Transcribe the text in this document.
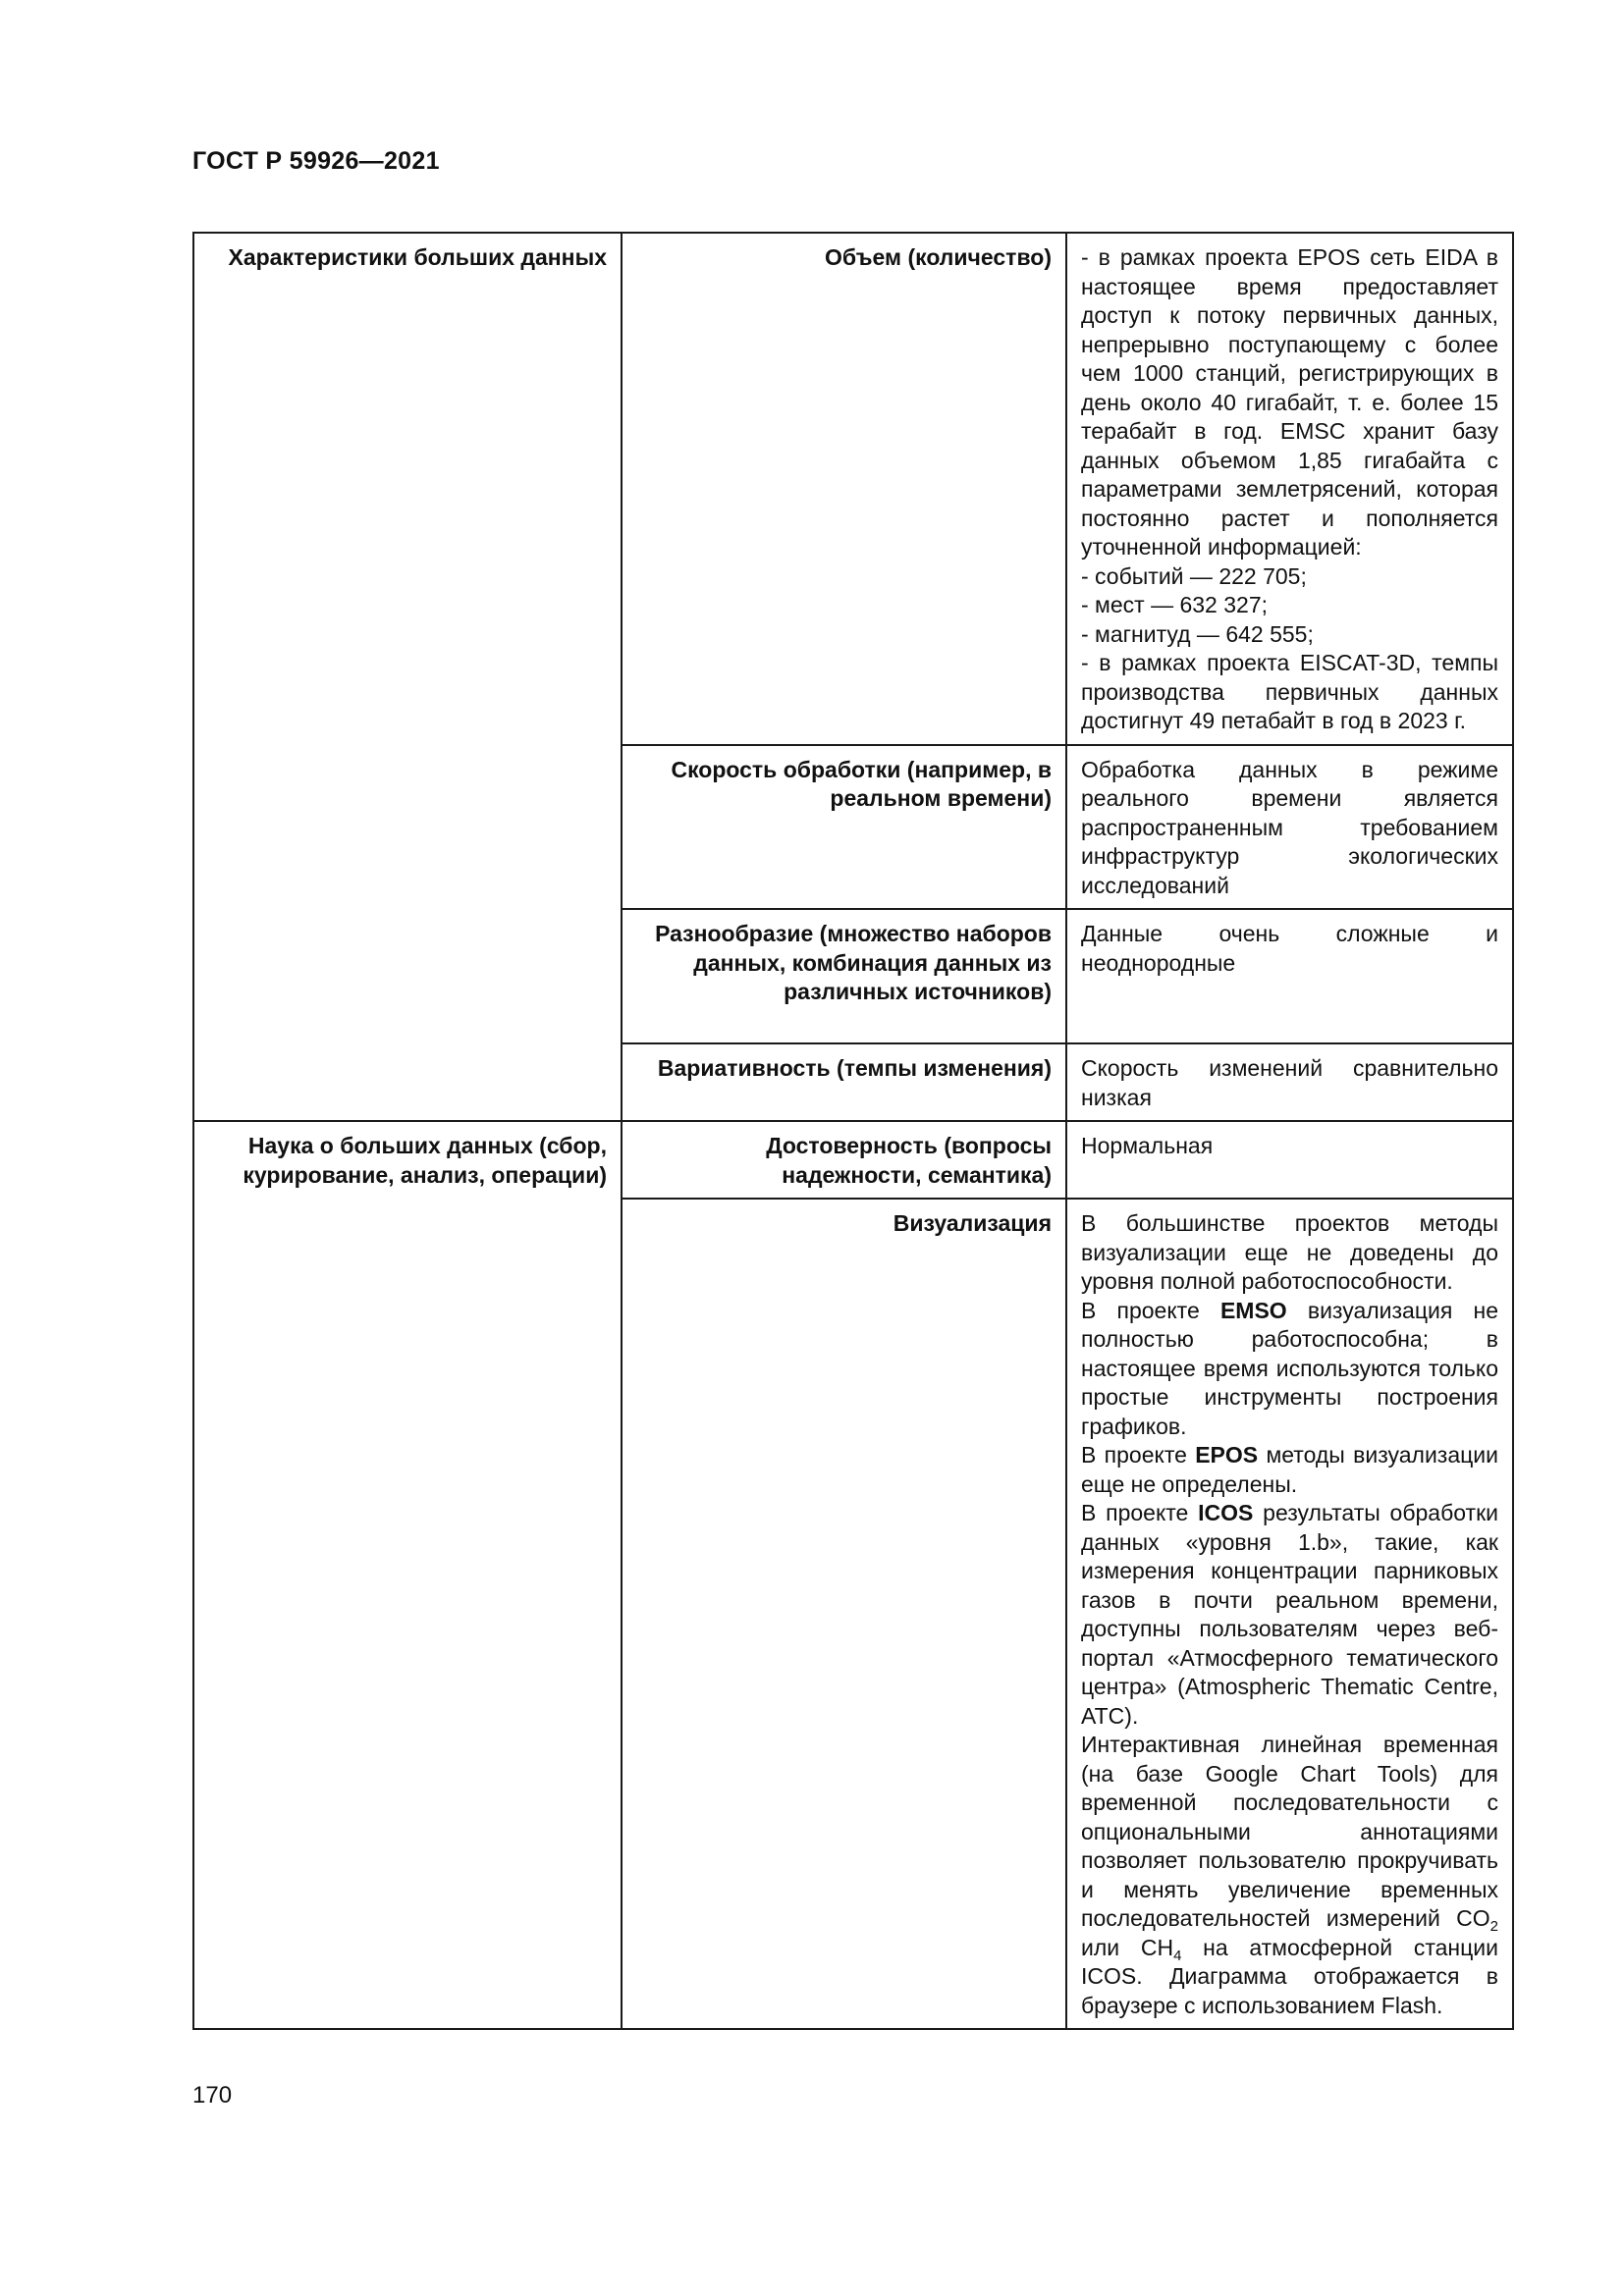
ГОСТ Р 59926—2021
Характеристики больших данных	Объем (количество)	- в рамках проекта EPOS сеть EIDA в настоящее время предоставляет доступ к потоку первичных данных, непрерывно поступающему с более чем 1000 станций, регистрирующих в день около 40 гигабайт, т. е. более 15 терабайт в год. EMSC хранит базу данных объемом 1,85 гигабайта с параметрами землетрясений, которая постоянно растет и пополняется уточненной информацией:
- событий — 222 705;
- мест — 632 327;
- магнитуд — 642 555;
- в рамках проекта EISCAT-3D, темпы производства первичных данных достигнут 49 петабайт в год в 2023 г.

	Скорость обработки (например, в реальном времени)	Обработка данных в режиме реального времени является распространенным требованием инфраструктур экологических исследований
	Разнообразие (множество наборов данных, комбинация данных из различных источников)	Данные очень сложные и неоднородные
	Вариативность (темпы изменения)	Скорость изменений сравнительно низкая
Наука о больших данных (сбор, курирование, анализ, операции)	Достоверность (вопросы надежности, семантика)	Нормальная
	Визуализация	В большинстве проектов методы визуализации еще не доведены до уровня полной работоспособности.
В проекте EMSO визуализация не полностью работоспособна; в настоящее время используются только простые инструменты построения графиков.
В проекте EPOS методы визуализации еще не определены.
В проекте ICOS результаты обработки данных «уровня 1.b», такие, как измерения концентрации парниковых газов в почти реальном времени, доступны пользователям через веб-портал «Атмосферного тематического центра» (Atmospheric Thematic Centre, ATC).
Интерактивная линейная временная (на базе Google Chart Tools) для временной последовательности с опциональными аннотациями позволяет пользователю прокручивать и менять увеличение временных последовательностей измерений $CO_2$ или $CH_4$ на атмосферной станции ICOS. Диаграмма отображается в браузере с использованием Flash.
170
